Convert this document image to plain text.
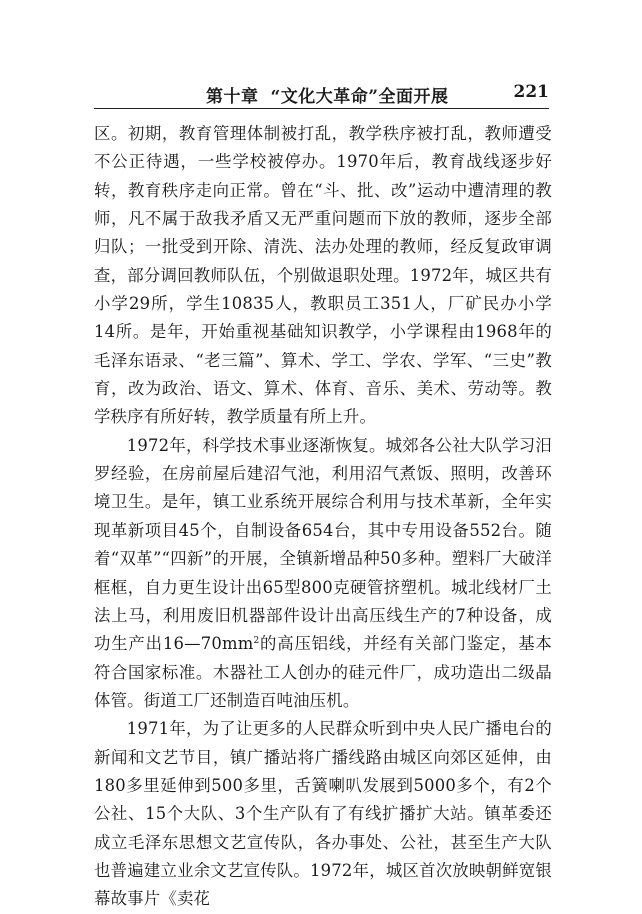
第十章 “文化大革命”全面开展	221

区。初期，教育管理体制被打乱，教学秩序被打乱，教师遭受不公正待遇，一些学校被停办。1970年后，教育战线逐步好转，教育秩序走向正常。曾在“斗、批、改”运动中遭清理的教师，凡不属于敌我矛盾又无严重问题而下放的教师，逐步全部归队；一批受到开除、清洗、法办处理的教师，经反复政审调查，部分调回教师队伍，个别做退职处理。1972年，城区共有小学29所，学生10835人，教职员工351人，厂矿民办小学14所。是年，开始重视基础知识教学，小学课程由1968年的毛泽东语录、“老三篇”、算术、学工、学农、学军、“三史”教育，改为政治、语文、算术、体育、音乐、美术、劳动等。教学秩序有所好转，教学质量有所上升。

1972年，科学技术事业逐渐恢复。城郊各公社大队学习汨罗经验，在房前屋后建沼气池，利用沼气煮饭、照明，改善环境卫生。是年，镇工业系统开展综合利用与技术革新，全年实现革新项目45个，自制设备654台，其中专用设备552台。随着“双革”“四新”的开展，全镇新增品种50多种。塑料厂大破洋框框，自力更生设计出65型800克硬管挤塑机。城北线材厂土法上马，利用废旧机器部件设计出高压线生产的7种设备，成功生产出$16—70mm^2$的高压铝线，并经有关部门鉴定，基本符合国家标准。木器社工人创办的硅元件厂，成功造出二级晶体管。街道工厂还制造百吨油压机。

1971年，为了让更多的人民群众听到中央人民广播电台的新闻和文艺节目，镇广播站将广播线路由城区向郊区延伸，由180多里延伸到500多里，舌簧喇叭发展到5000多个，有2个公社、15个大队、3个生产队有了有线扩播扩大站。镇革委还成立毛泽东思想文艺宣传队，各办事处、公社，甚至生产大队也普遍建立业余文艺宣传队。1972年，城区首次放映朝鲜宽银幕故事片《卖花
